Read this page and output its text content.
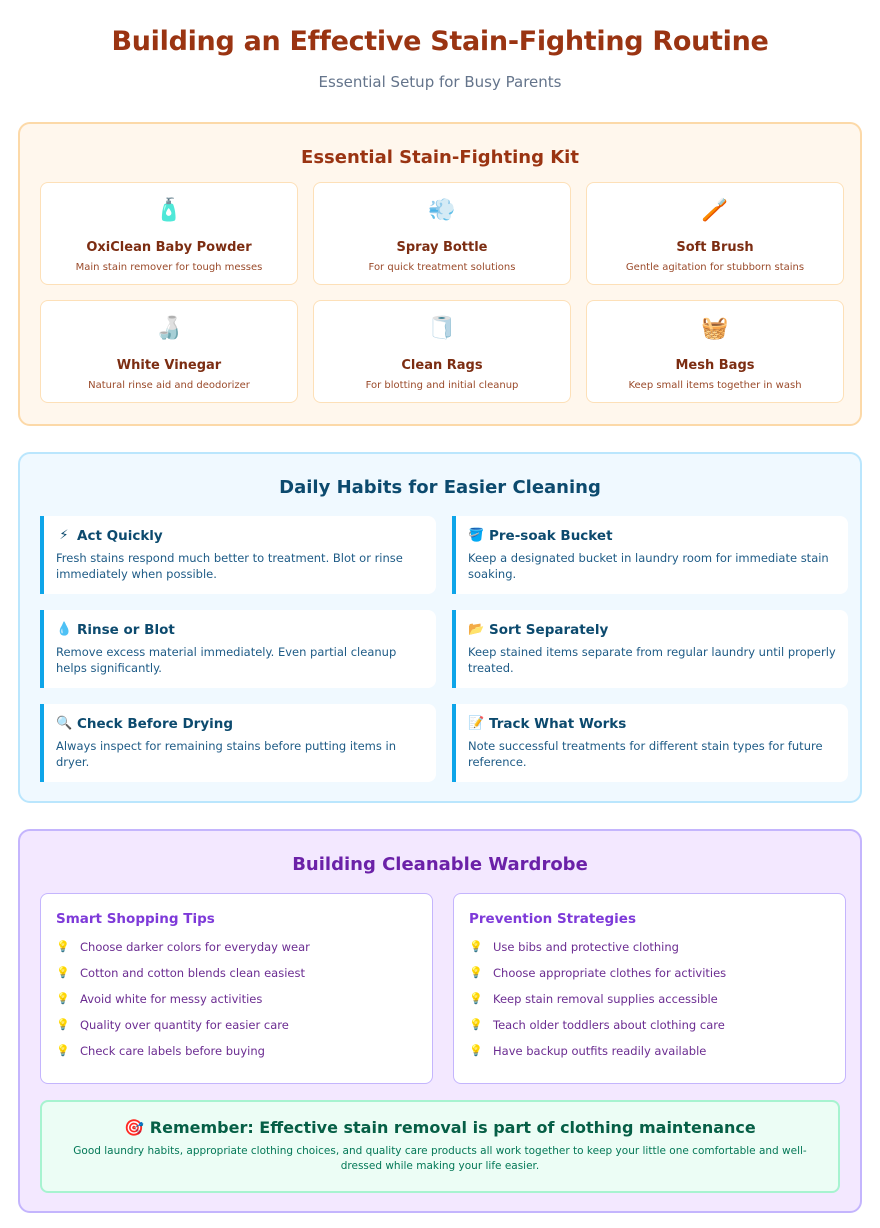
Building an Effective Stain-Fighting Routine

Essential Setup for Busy Parents

Essential Stain-Fighting Kit
🧴
OxiClean Baby Powder
Main stain remover for tough messes
💨
Spray Bottle
For quick treatment solutions
🪥
Soft Brush
Gentle agitation for stubborn stains
🍶
White Vinegar
Natural rinse aid and deodorizer
🧻
Clean Rags
For blotting and initial cleanup
🧺
Mesh Bags
Keep small items together in wash
Daily Habits for Easier Cleaning
⚡ Act Quickly

Fresh stains respond much better to treatment. Blot or rinse immediately when possible.

🪣 Pre-soak Bucket

Keep a designated bucket in laundry room for immediate stain soaking.

💧 Rinse or Blot

Remove excess material immediately. Even partial cleanup helps significantly.

📂 Sort Separately

Keep stained items separate from regular laundry until properly treated.

🔍 Check Before Drying

Always inspect for remaining stains before putting items in dryer.

📝 Track What Works

Note successful treatments for different stain types for future reference.

Building Cleanable Wardrobe
Smart Shopping Tips
💡 Choose darker colors for everyday wear
💡 Cotton and cotton blends clean easiest
💡 Avoid white for messy activities
💡 Quality over quantity for easier care
💡 Check care labels before buying
Prevention Strategies
💡 Use bibs and protective clothing
💡 Choose appropriate clothes for activities
💡 Keep stain removal supplies accessible
💡 Teach older toddlers about clothing care
💡 Have backup outfits readily available
🎯 Remember: Effective stain removal is part of clothing maintenance

Good laundry habits, appropriate clothing choices, and quality care products all work together to keep your little one comfortable and well-dressed while making your life easier.
